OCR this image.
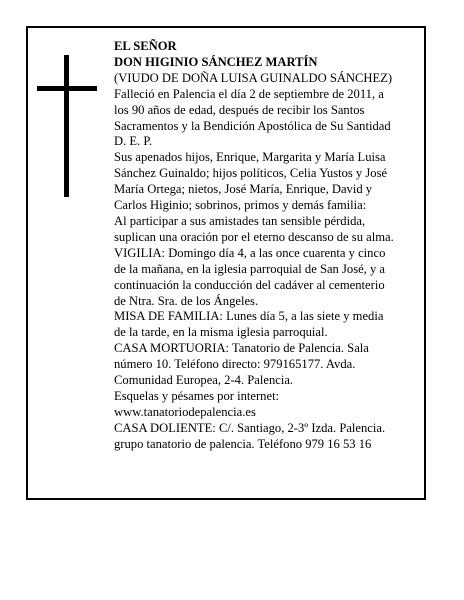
EL SEÑOR
DON HIGINIO SÁNCHEZ MARTÍN
(VIUDO DE DOÑA LUISA GUINALDO SÁNCHEZ)
Falleció en Palencia el día 2 de septiembre de 2011, a
los 90 años de edad, después de recibir los Santos
Sacramentos y la Bendición Apostólica de Su Santidad
D. E. P.
Sus apenados hijos, Enrique, Margarita y María Luisa
Sánchez Guinaldo; hijos políticos, Celia Yustos y José
María Ortega; nietos, José María, Enrique, David y
Carlos Higinio; sobrinos, primos y demás familia:
Al participar a sus amistades tan sensible pérdida,
suplican una oración por el eterno descanso de su alma.
VIGILIA: Domingo día 4, a las once cuarenta y cinco
de la mañana, en la iglesia parroquial de San José, y a
continuación la conducción del cadáver al cementerio
de Ntra. Sra. de los Ángeles.
MISA DE FAMILIA: Lunes día 5, a las siete y media
de la tarde, en la misma iglesia parroquial.
CASA MORTUORIA: Tanatorio de Palencia. Sala
número 10. Teléfono directo: 979165177. Avda.
Comunidad Europea, 2-4. Palencia.
Esquelas y pésames por internet:
www.tanatoriodepalencia.es
CASA DOLIENTE: C/. Santiago, 2-3º Izda. Palencia.
grupo tanatorio de palencia. Teléfono 979 16 53 16
